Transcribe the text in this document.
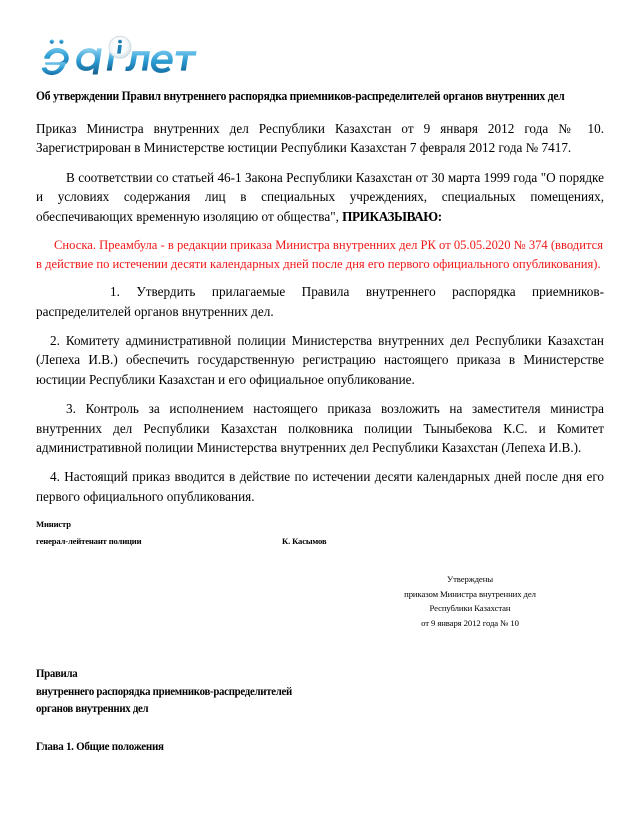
Об утверждении Правил внутреннего распорядка приемников-распределителей органов внутренних дел

Приказ Министра внутренних дел Республики Казахстан от 9 января 2012 года № 10. Зарегистрирован в Министерстве юстиции Республики Казахстан 7 февраля 2012 года № 7417.

В соответствии со статьей 46-1 Закона Республики Казахстан от 30 марта 1999 года "О порядке и условиях содержания лиц в специальных учреждениях, специальных помещениях, обеспечивающих временную изоляцию от общества", ПРИКАЗЫВАЮ:

Сноска. Преамбула - в редакции приказа Министра внутренних дел РК от 05.05.2020 № 374 (вводится в действие по истечении десяти календарных дней после дня его первого официального опубликования).

1. Утвердить прилагаемые Правила внутреннего распорядка приемников-распределителей органов внутренних дел.

2. Комитету административной полиции Министерства внутренних дел Республики Казахстан (Лепеха И.В.) обеспечить государственную регистрацию настоящего приказа в Министерстве юстиции Республики Казахстан и его официальное опубликование.

3. Контроль за исполнением настоящего приказа возложить на заместителя министра внутренних дел Республики Казахстан полковника полиции Тыныбекова К.С. и Комитет административной полиции Министерства внутренних дел Республики Казахстан (Лепеха И.В.).

4. Настоящий приказ вводится в действие по истечении десяти календарных дней после дня его первого официального опубликования.

Министр
генерал-лейтенант полиции	К. Касымов
Утверждены
приказом Министра внутренних дел
Республики Казахстан
от 9 января 2012 года № 10
Правила
внутреннего распорядка приемников-распределителей
органов внутренних дел
Глава 1. Общие положения
